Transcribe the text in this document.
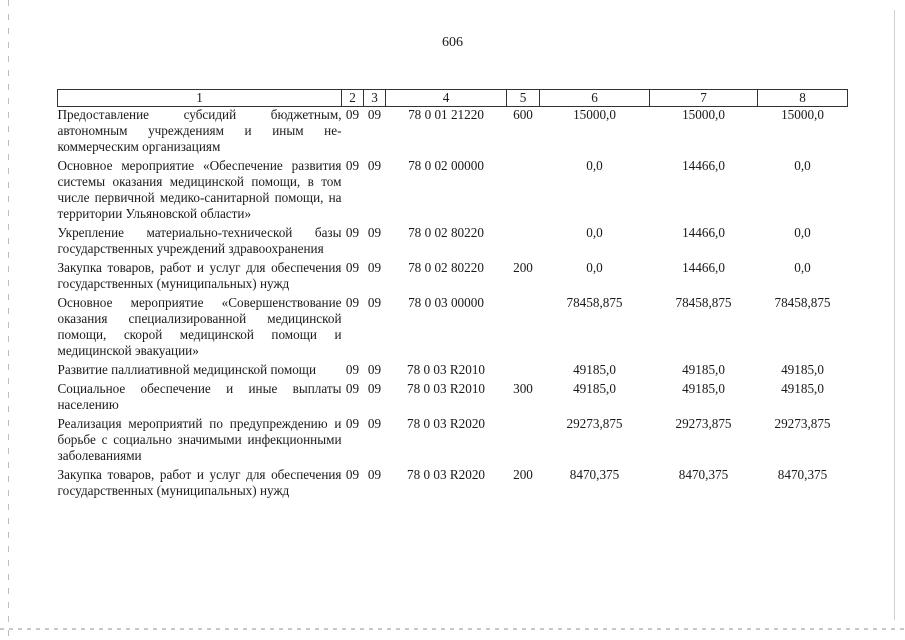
606
1	2	3	4	5	6	7	8
Предоставление субсидий бюджетным, автономным учреждениям и иным некоммерческим организациям	09	09	78 0 01 21220	600	15000,0	15000,0	15000,0
Основное мероприятие «Обеспечение развития системы оказания медицинской помощи, в том числе первичной медико-санитарной помощи, на территории Ульяновской области»	09	09	78 0 02 00000		0,0	14466,0	0,0
Укрепление материально-технической базы государственных учреждений здравоохранения	09	09	78 0 02 80220		0,0	14466,0	0,0
Закупка товаров, работ и услуг для обеспечения государственных (муниципальных) нужд	09	09	78 0 02 80220	200	0,0	14466,0	0,0
Основное мероприятие «Совершенствование оказания специализированной медицинской помощи, скорой медицинской помощи и медицинской эвакуации»	09	09	78 0 03 00000		78458,875	78458,875	78458,875
Развитие паллиативной медицинской помощи	09	09	78 0 03 R2010		49185,0	49185,0	49185,0
Социальное обеспечение и иные выплаты населению	09	09	78 0 03 R2010	300	49185,0	49185,0	49185,0
Реализация мероприятий по предупреждению и борьбе с социально значимыми инфекционными заболеваниями	09	09	78 0 03 R2020		29273,875	29273,875	29273,875
Закупка товаров, работ и услуг для обеспечения государственных (муниципальных) нужд	09	09	78 0 03 R2020	200	8470,375	8470,375	8470,375
